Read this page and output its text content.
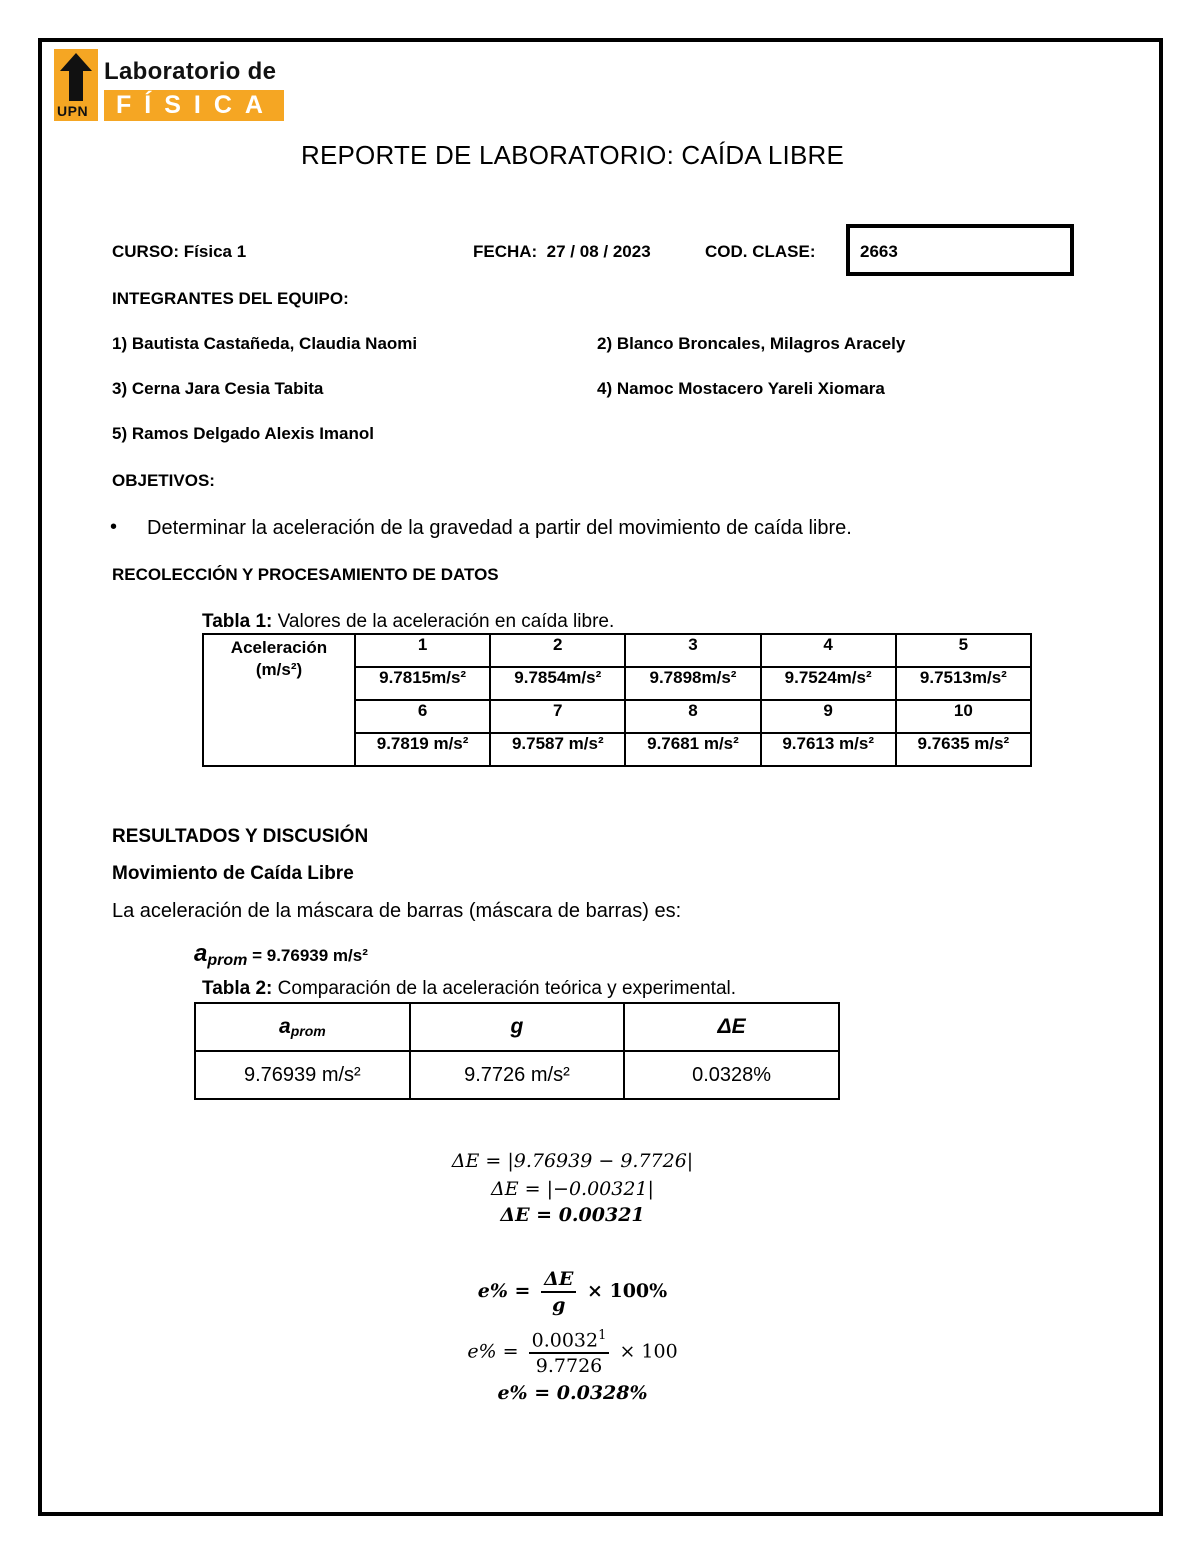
UPN
Laboratorio de
FÍSICA
REPORTE DE LABORATORIO: CAÍDA LIBRE
CURSO: Física 1	FECHA: 27 / 08 / 2023	COD. CLASE:	2663
INTEGRANTES DEL EQUIPO:
1) Bautista Castañeda, Claudia Naomi	2) Blanco Broncales, Milagros Aracely
3) Cerna Jara Cesia Tabita	4) Namoc Mostacero Yareli Xiomara
5) Ramos Delgado Alexis Imanol
OBJETIVOS:
• Determinar la aceleración de la gravedad a partir del movimiento de caída libre.
RECOLECCIÓN Y PROCESAMIENTO DE DATOS
Tabla 1: Valores de la aceleración en caída libre.
Aceleración
(m/s²)	1	2	3	4	5
	9.7815m/s²	9.7854m/s²	9.7898m/s²	9.7524m/s²	9.7513m/s²
	6	7	8	9	10
	9.7819 m/s²	9.7587 m/s²	9.7681 m/s²	9.7613 m/s²	9.7635 m/s²
RESULTADOS Y DISCUSIÓN
Movimiento de Caída Libre
La aceleración de la máscara de barras (máscara de barras) es:
aprom = 9.76939 m/s²
Tabla 2: Comparación de la aceleración teórica y experimental.
aprom	g	ΔE
9.76939 m/s²	9.7726 m/s²	0.0328%
ΔE = |9.76939 − 9.7726|
ΔE = |−0.00321|
ΔE = 0.00321
$e\% = \frac{\Delta E}{g} \times 100\%$
$e\% = \frac{0.0032^1}{9.7726} \times 100$
e% = 0.0328%
